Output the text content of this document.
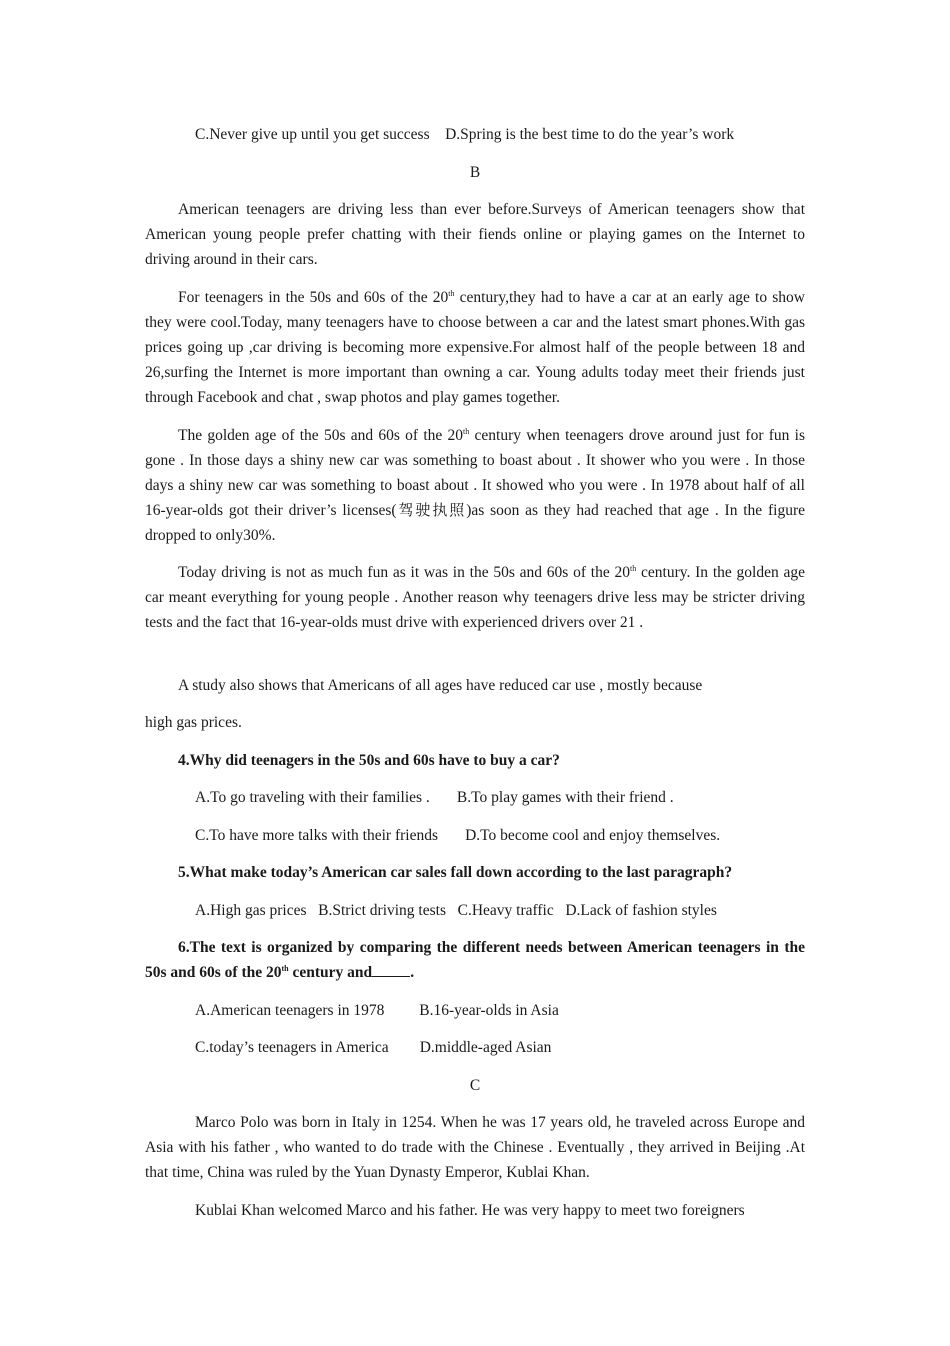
C.Never give up until you get success    D.Spring is the best time to do the year’s work

B

American teenagers are driving less than ever before.Surveys of American teenagers show that American young people prefer chatting with their fiends online or playing games on the Internet to driving around in their cars.

For teenagers in the 50s and 60s of the 20th century,they had to have a car at an early age to show they were cool.Today, many teenagers have to choose between a car and the latest smart phones.With gas prices going up ,car driving is becoming more expensive.For almost half of the people between 18 and 26,surfing the Internet is more important than owning a car. Young adults today meet their friends just through Facebook and chat , swap photos and play games together.

The golden age of the 50s and 60s of the 20th century when teenagers drove around just for fun is gone . In those days a shiny new car was something to boast about . It shower who you were . In those days a shiny new car was something to boast about . It showed who you were . In 1978 about half of all 16-year-olds got their driver’s licenses(驾驶执照)as soon as they had reached that age . In the figure dropped to only30%.

Today driving is not as much fun as it was in the 50s and 60s of the 20th century. In the golden age car meant everything for young people . Another reason why teenagers drive less may be stricter driving tests and the fact that 16-year-olds must drive with experienced drivers over 21 .

A study also shows that Americans of all ages have reduced car use , mostly because

high gas prices.

4.Why did teenagers in the 50s and 60s have to buy a car?

A.To go traveling with their families .       B.To play games with their friend .

C.To have more talks with their friends       D.To become cool and enjoy themselves.

5.What make today’s American car sales fall down according to the last paragraph?

A.High gas prices   B.Strict driving tests   C.Heavy traffic   D.Lack of fashion styles

6.The text is organized by comparing the different needs between American teenagers in the 50s and 60s of the 20th century and .

A.American teenagers in 1978         B.16-year-olds in Asia

C.today’s teenagers in America        D.middle-aged Asian

C

Marco Polo was born in Italy in 1254. When he was 17 years old, he traveled across Europe and Asia with his father , who wanted to do trade with the Chinese . Eventually , they arrived in Beijing .At that time, China was ruled by the Yuan Dynasty Emperor, Kublai Khan.

Kublai Khan welcomed Marco and his father. He was very happy to meet two foreigners
